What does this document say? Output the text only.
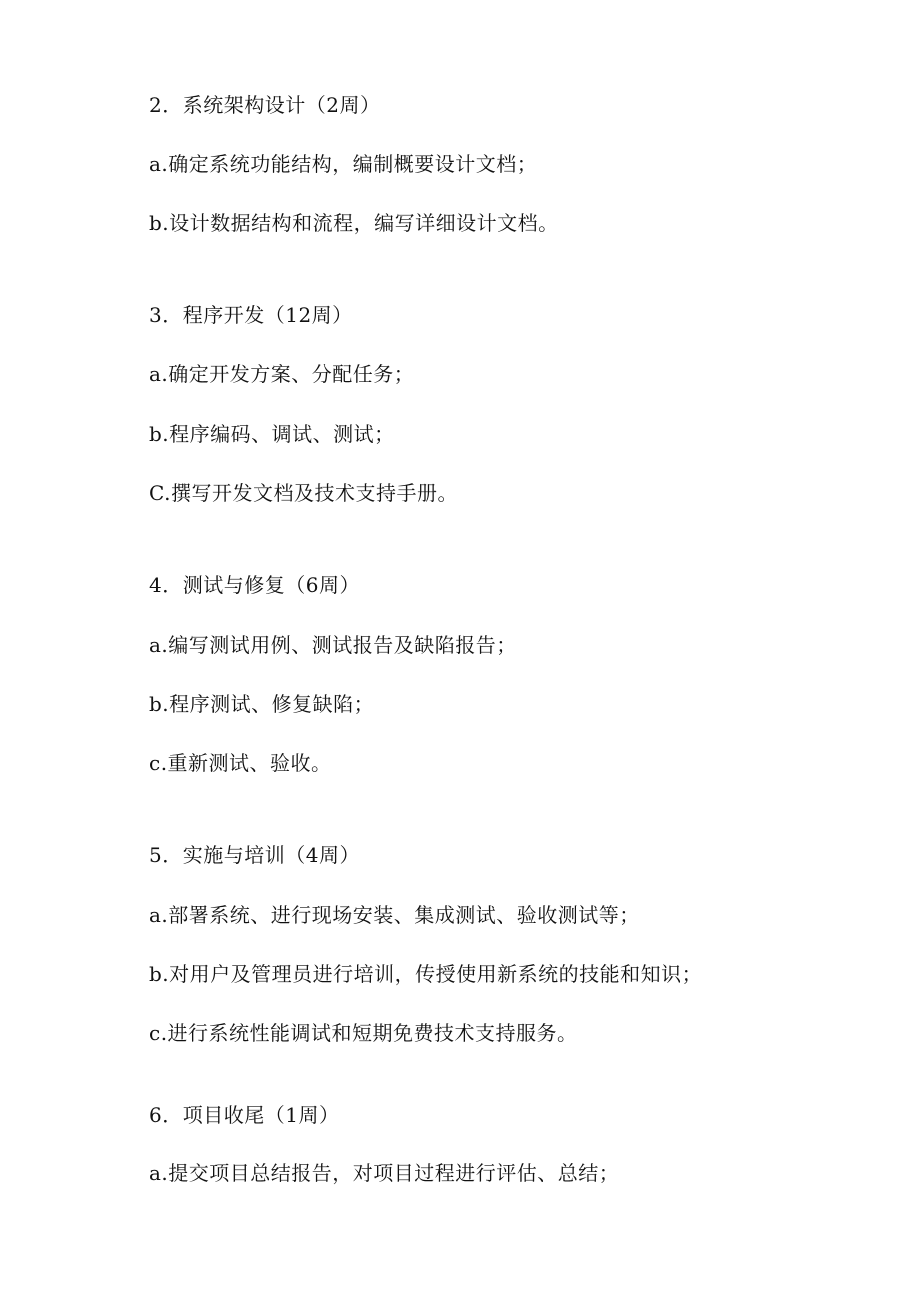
2．系统架构设计（2周）
a.确定系统功能结构，编制概要设计文档；
b.设计数据结构和流程，编写详细设计文档。
3．程序开发（12周）
a.确定开发方案、分配任务；
b.程序编码、调试、测试；
C.撰写开发文档及技术支持手册。
4．测试与修复（6周）
a.编写测试用例、测试报告及缺陷报告；
b.程序测试、修复缺陷；
c.重新测试、验收。
5．实施与培训（4周）
a.部署系统、进行现场安装、集成测试、验收测试等；
b.对用户及管理员进行培训，传授使用新系统的技能和知识；
c.进行系统性能调试和短期免费技术支持服务。
6．项目收尾（1周）
a.提交项目总结报告，对项目过程进行评估、总结；
